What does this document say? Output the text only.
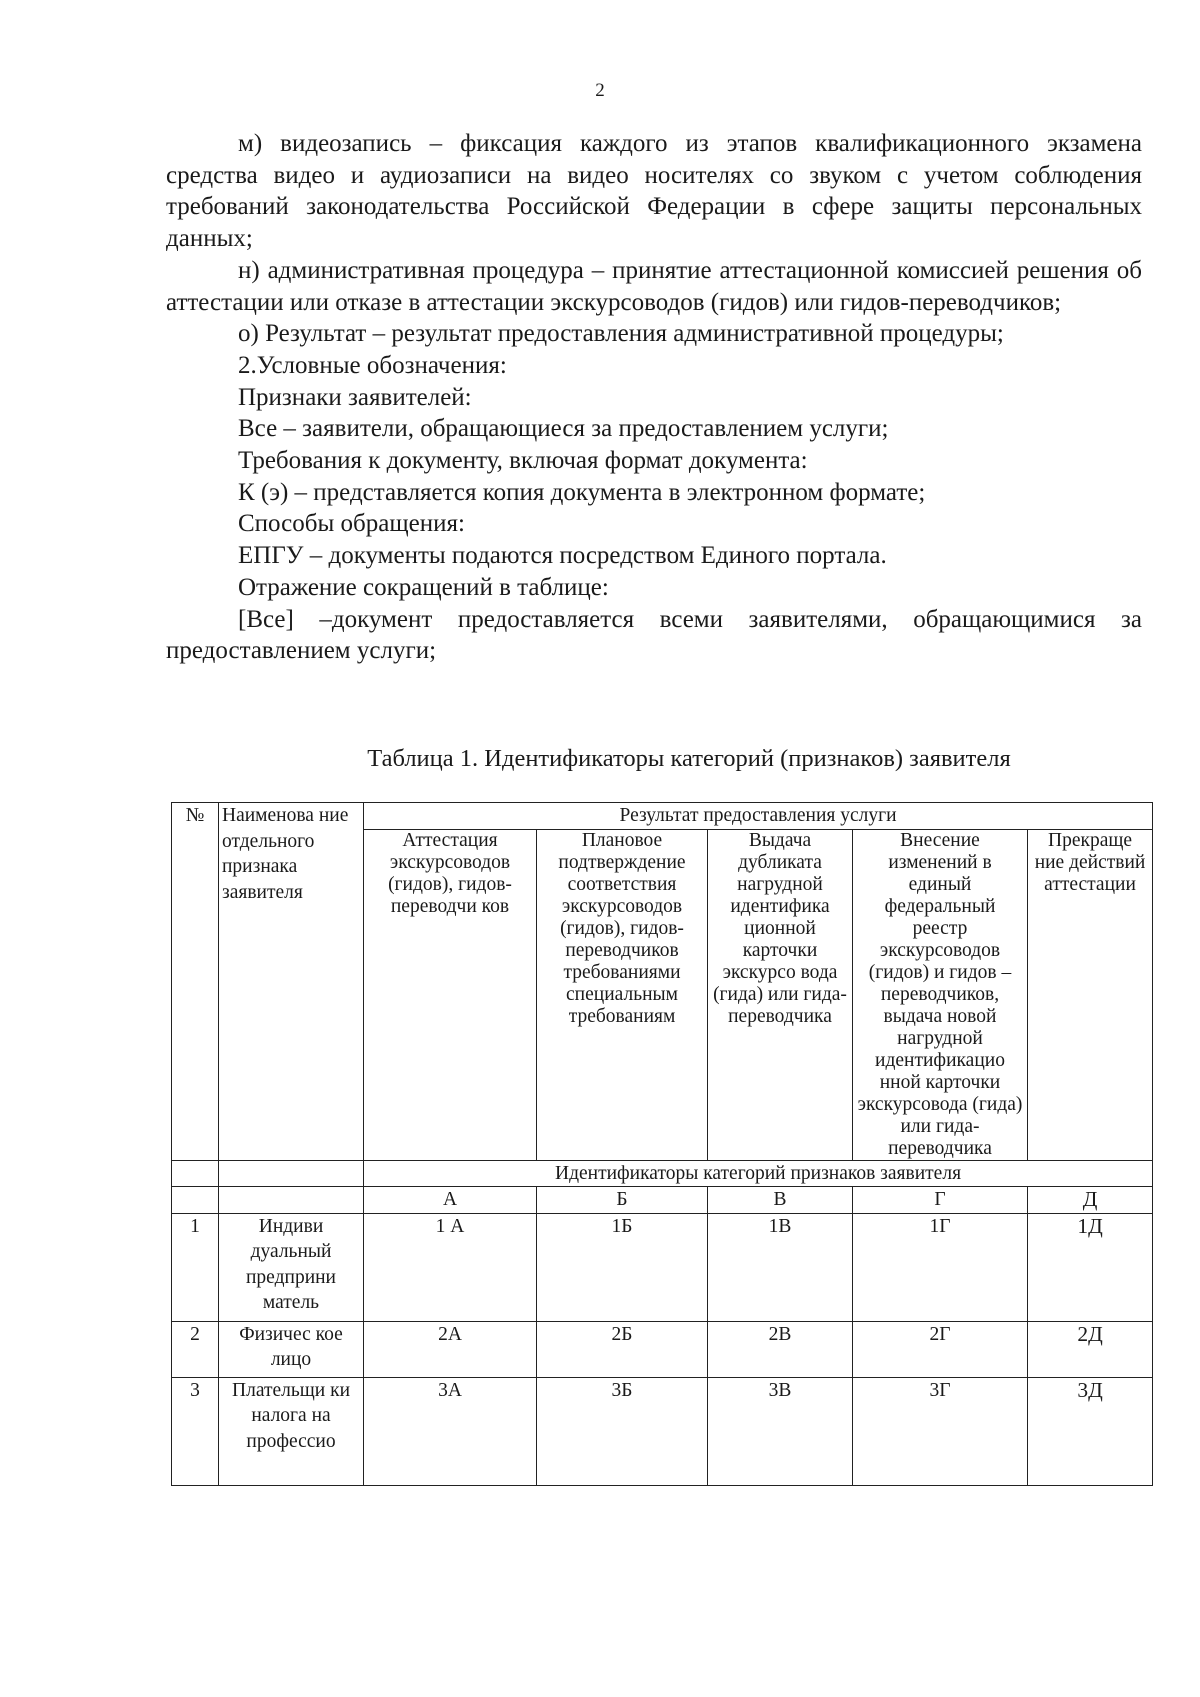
2

м) видеозапись – фиксация каждого из этапов квалификационного экзамена средства видео и аудиозаписи на видео носителях со звуком с учетом соблюдения требований законодательства Российской Федерации в сфере защиты персональных данных;

н) административная процедура – принятие аттестационной комиссией решения об аттестации или отказе в аттестации экскурсоводов (гидов) или гидов-переводчиков;

о) Результат – результат предоставления административной процедуры;

2.Условные обозначения:

Признаки заявителей:

Все – заявители, обращающиеся за предоставлением услуги;

Требования к документу, включая формат документа:

К (э) – представляется копия документа в электронном формате;

Способы обращения:

ЕПГУ – документы подаются посредством Единого портала.

Отражение сокращений в таблице:

[Все] –документ предоставляется всеми заявителями, обращающимися за предоставлением услуги;

Таблица 1. Идентификаторы категорий (признаков) заявителя
№	Наименова ние отдельного признака заявителя	Результат предоставления услуги				
		Аттестация экскурсоводов (гидов), гидов-переводчи ков	Плановое подтверждение соответствия экскурсоводов (гидов), гидов-переводчиков требованиями специальным требованиям	Выдача дубликата нагрудной идентифика ционной карточки экскурсо вода (гида) или гида-переводчика	Внесение изменений в единый федеральный реестр экскурсоводов (гидов) и гидов –переводчиков, выдача новой нагрудной идентификацио нной карточки экскурсовода (гида) или гида-переводчика	Прекраще ние действий аттестации
		Идентификаторы категорий признаков заявителя				
		А	Б	В	Г	Д
1	Индиви дуальный предприни матель	1 А	1Б	1В	1Г	1Д
2	Физичес кое лицо	2А	2Б	2В	2Г	2Д
3	Плательщи ки налога на профессио	3А	3Б	3В	3Г	3Д
